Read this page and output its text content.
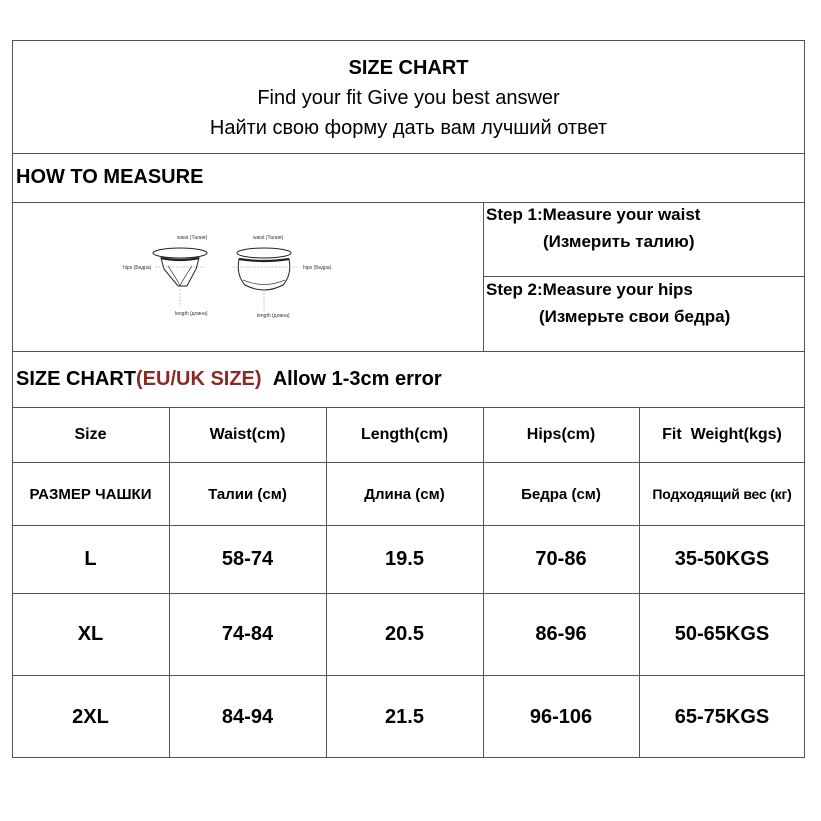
SIZE CHART
Find your fit Give you best answer
Найти свою форму дать вам лучший ответ
HOW TO MEASURE
waist (Талия)	waist (Талия)
hips (Бедра)	hips (Бедра)
length (длина)	length (длина)
Step 1:Measure your waist
(Измерить талию)
Step 2:Measure your hips
(Измерьте свои бедра)
SIZE CHART(EU/UK SIZE) Allow 1-3cm error
Size	Waist(cm)	Length(cm)	Hips(cm)	Fit  Weight(kgs)
РАЗМЕР ЧАШКИ	Талии (см)	Длина (см)	Бедра (см)	Подходящий вес (кг)
L	58-74	19.5	70-86	35-50KGS
XL	74-84	20.5	86-96	50-65KGS
2XL	84-94	21.5	96-106	65-75KGS
